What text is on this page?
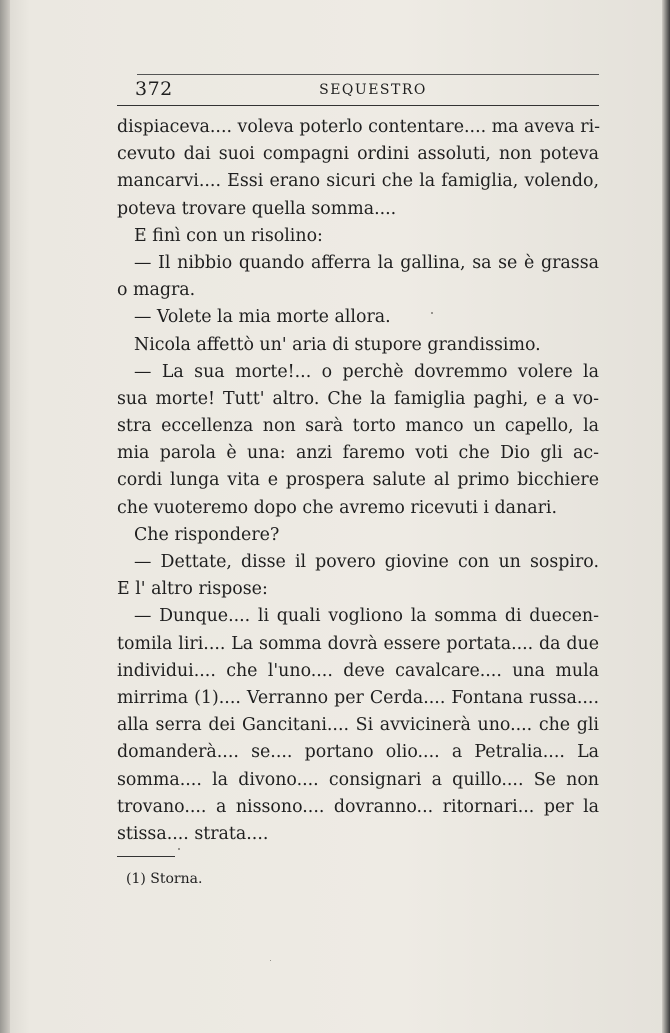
372	SEQUESTRO
dispiaceva.... voleva poterlo contentare.... ma aveva ri-
cevuto dai suoi compagni ordini assoluti, non poteva
mancarvi.... Essi erano sicuri che la famiglia, volendo,
poteva trovare quella somma....
E finì con un risolino:
— Il nibbio quando afferra la gallina, sa se è grassa
o magra.
— Volete la mia morte allora.
Nicola affettò un' aria di stupore grandissimo.
— La sua morte!... o perchè dovremmo volere la
sua morte! Tutt' altro. Che la famiglia paghi, e a vo-
stra eccellenza non sarà torto manco un capello, la
mia parola è una: anzi faremo voti che Dio gli ac-
cordi lunga vita e prospera salute al primo bicchiere
che vuoteremo dopo che avremo ricevuti i danari.
Che rispondere?
— Dettate, disse il povero giovine con un sospiro.
E l' altro rispose:
— Dunque.... li quali vogliono la somma di duecen-
tomila liri.... La somma dovrà essere portata.... da due
individui.... che l'uno.... deve cavalcare.... una mula
mirrima (1).... Verranno per Cerda.... Fontana russa....
alla serra dei Gancitani.... Si avvicinerà uno.... che gli
domanderà.... se.... portano olio.... a Petralia.... La
somma.... la divono.... consignari a quillo.... Se non
trovano.... a nissono.... dovranno... ritornari... per la
stissa.... strata....
(1) Storna.
